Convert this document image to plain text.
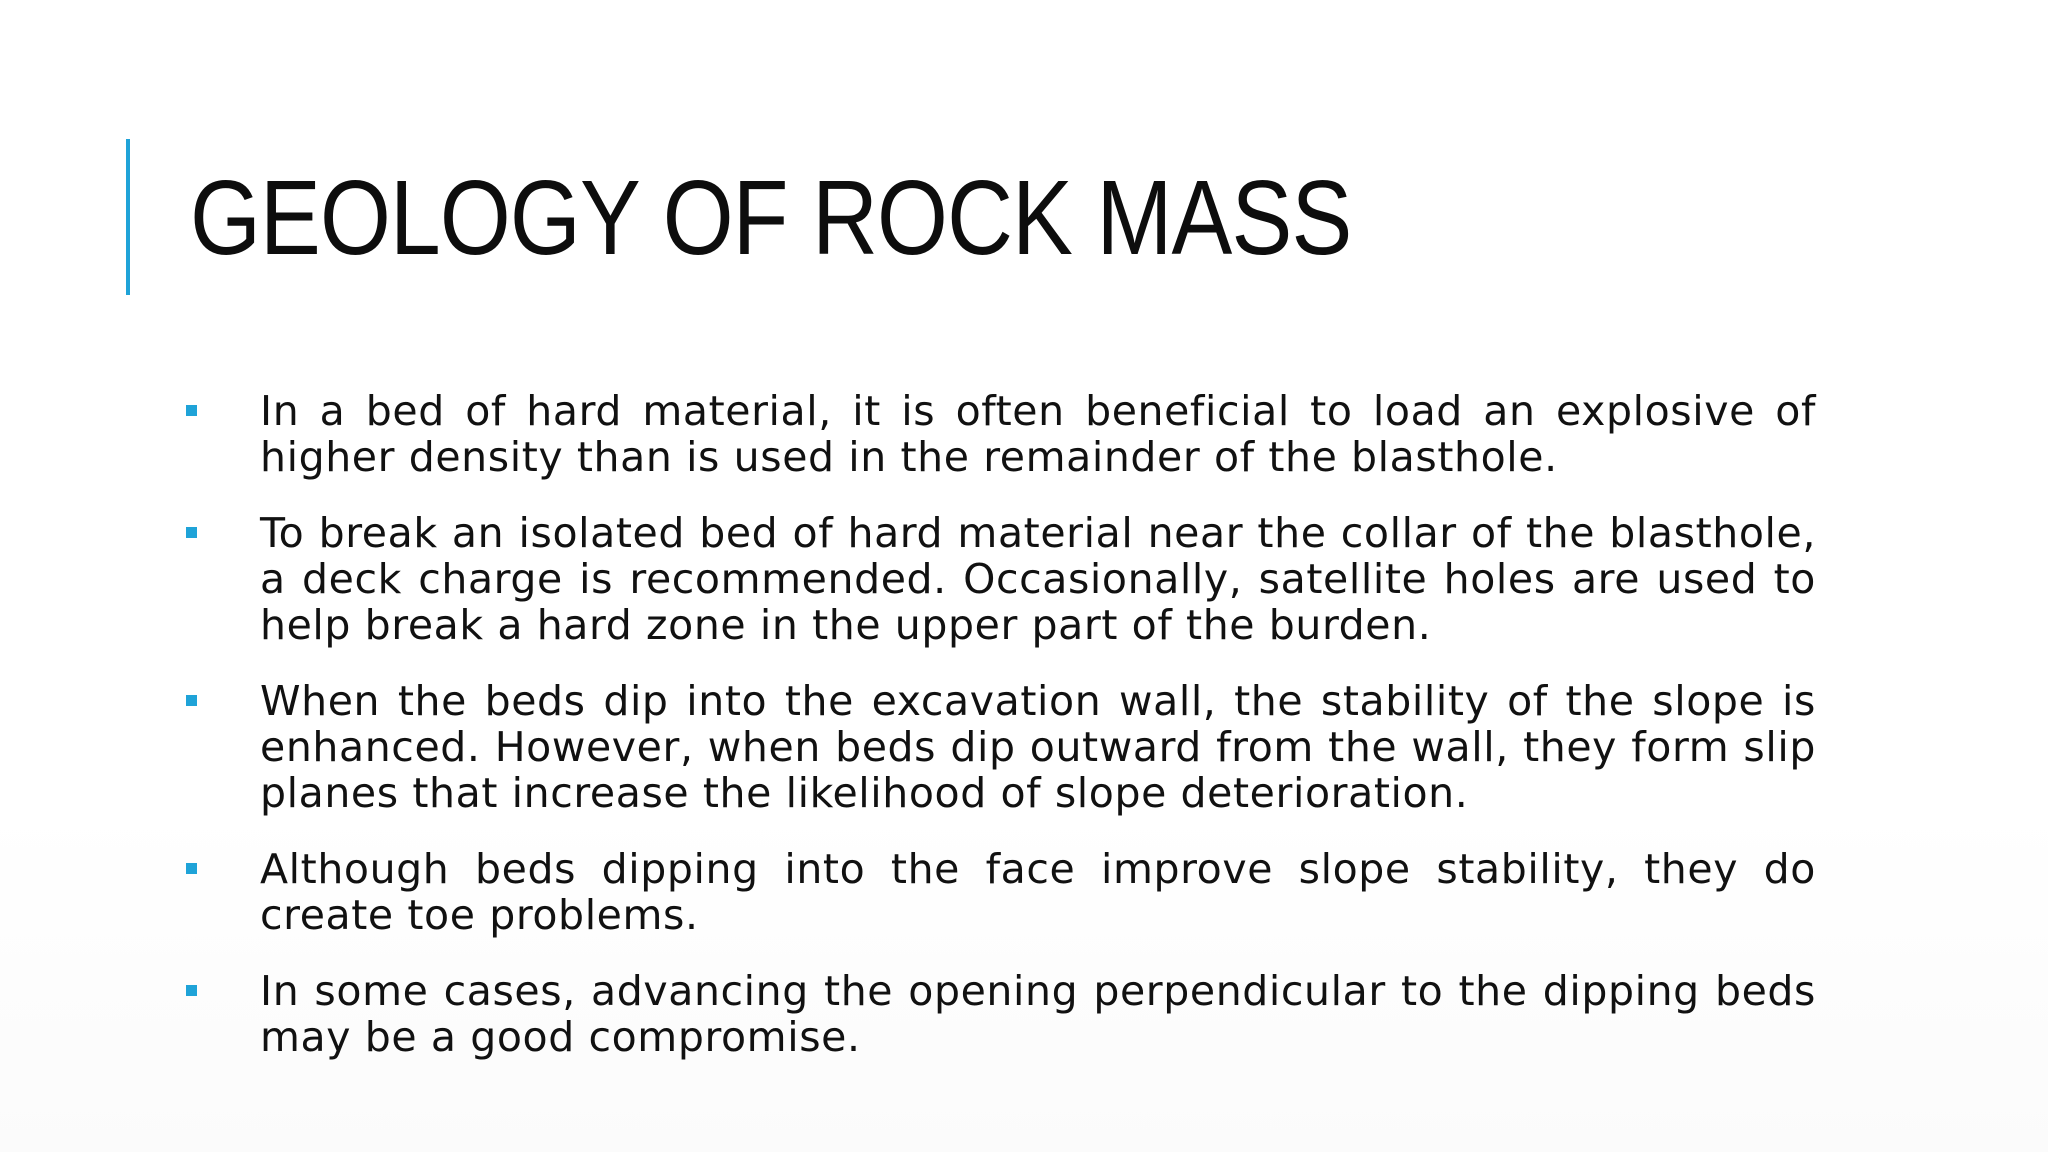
GEOLOGY OF ROCK MASS
In a bed of hard material, it is often beneficial to load an explosive of higher density than is used in the remainder of the blasthole.
To break an isolated bed of hard material near the collar of the blasthole, a deck charge is recommended. Occasionally, satellite holes are used to help break a hard zone in the upper part of the burden.
When the beds dip into the excavation wall, the stability of the slope is enhanced. However, when beds dip outward from the wall, they form slip planes that increase the likelihood of slope deterioration.
Although beds dipping into the face improve slope stability, they do create toe problems.
In some cases, advancing the opening perpendicular to the dipping beds may be a good compromise.
